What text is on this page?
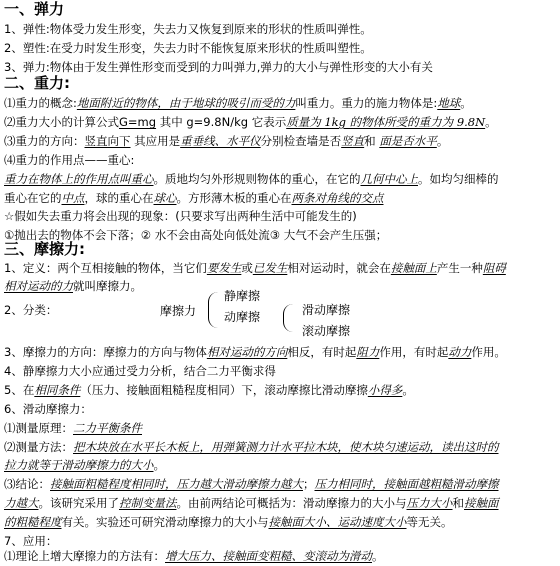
一、弹力
1、弹性:物体受力发生形变，失去力又恢复到原来的形状的性质叫弹性。
2、塑性:在受力时发生形变，失去力时不能恢复原来形状的性质叫塑性。
3、弹力:物体由于发生弹性形变而受到的力叫弹力,弹力的大小与弹性形变的大小有关
二、重力:
⑴重力的概念:地面附近的物体，由于地球的吸引而受的力叫重力。重力的施力物体是:地球。
⑵重力大小的计算公式G=mg 其中 g=9.8N/kg 它表示质量为 1kg 的物体所受的重力为 9.8N。
⑶重力的方向：竖直向下 其应用是重垂线、水平仪分别检查墙是否竖直和 面是否水平。
⑷重力的作用点——重心:
重力在物体上的作用点叫重心。质地均匀外形规则物体的重心，在它的几何中心上。如均匀细棒的
重心在它的中点，球的重心在球心。方形薄木板的重心在两条对角线的交点
☆假如失去重力将会出现的现象：(只要求写出两种生活中可能发生的)
①抛出去的物体不会下落；② 水不会由高处向低处流③ 大气不会产生压强；
三、摩擦力:
1、定义：两个互相接触的物体，当它们要发生或已发生相对运动时，就会在接触面上产生一种阻碍
相对运动的力就叫摩擦力。
2、分类：	摩擦力
静摩擦
动摩擦	滑动摩擦
滚动摩擦
3、摩擦力的方向：摩擦力的方向与物体相对运动的方向相反，有时起阻力作用，有时起动力作用。
4、静摩擦力大小应通过受力分析，结合二力平衡求得
5、在相同条件（压力、接触面粗糙程度相同）下，滚动摩擦比滑动摩擦小得多。
6、滑动摩擦力：
⑴测量原理：二力平衡条件
⑵测量方法：把木块放在水平长木板上，用弹簧测力计水平拉木块，使木块匀速运动，读出这时的
拉力就等于滑动摩擦力的大小。
⑶结论：接触面粗糙程度相同时，压力越大滑动摩擦力越大；压力相同时，接触面越粗糙滑动摩擦
力越大。该研究采用了控制变量法。由前两结论可概括为：滑动摩擦力的大小与压力大小和接触面
的粗糙程度有关。实验还可研究滑动摩擦力的大小与接触面大小、运动速度大小等无关。
7、应用：
⑴理论上增大摩擦力的方法有：增大压力、接触面变粗糙、变滚动为滑动。
